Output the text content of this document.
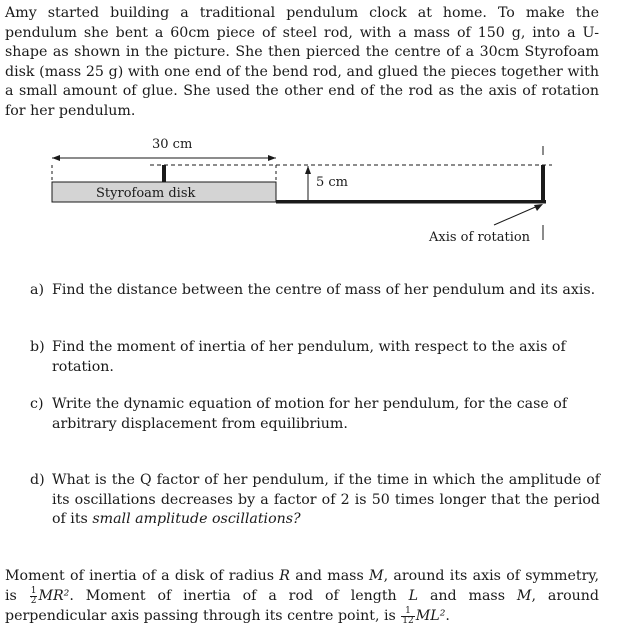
Amy started building a traditional pendulum clock at home. To make the pendulum she bent a 60cm piece of steel rod, with a mass of 150 g, into a U-shape as shown in the picture. She then pierced the centre of a 30cm Styrofoam disk (mass 25 g) with one end of the bend rod, and glued the pieces together with a small amount of glue. She used the other end of the rod as the axis of rotation for her pendulum.

30 cm
Styrofoam disk
5 cm
Axis of rotation
a) Find the distance between the centre of mass of her pendulum and its axis.
b) Find the moment of inertia of her pendulum, with respect to the axis of rotation.
c) Write the dynamic equation of motion for her pendulum, for the case of arbitrary displacement from equilibrium.
d) What is the Q factor of her pendulum, if the time in which the amplitude of its oscillations decreases by a factor of 2 is 50 times longer that the period of its small amplitude oscillations?

Moment of inertia of a disk of radius R and mass M, around its axis of symmetry, is $\frac{1}{2} MR^2$. Moment of inertia of a rod of length L and mass M, around perpendicular axis passing through its centre point, is $\frac{1}{12} ML^2$.
